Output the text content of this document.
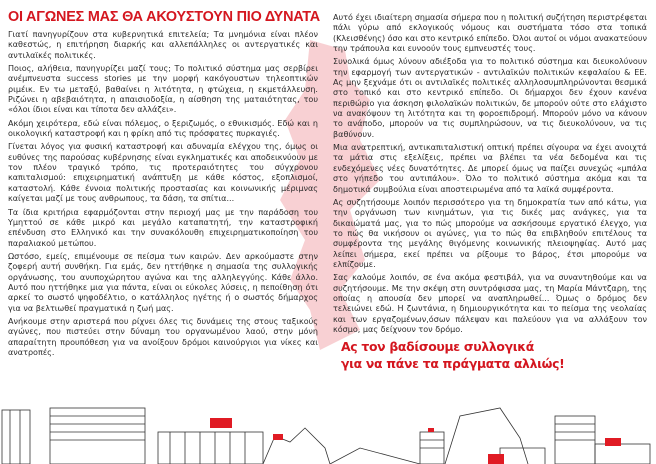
ΟΙ ΑΓΩΝΕΣ ΜΑΣ ΘΑ ΑΚΟΥΣΤΟΥΝ ΠΙΟ ΔΥΝΑΤΑ

Γιατί πανηγυρίζουν στα κυβερνητικά επιτελεία; Τα μνημόνια είναι πλέον καθεστώς, η επιτήρηση διαρκής και αλλεπάλληλες οι αντεργατικές και αντιλαϊκές πολιτικές.

Ποιος, αλήθεια, πανηγυρίζει μαζί τους; Το πολιτικό σύστημα μας σερβίρει ανέμπνευστα success stories με την μορφή κακόγουστων τηλεοπτικών ριμέικ. Εν τω μεταξύ, βαθαίνει η λιτότητα, η φτώχεια, η εκμετάλλευση. Ριζώνει η αβεβαιότητα, η απαισιοδοξία, η αίσθηση της ματαιότητας, του «όλοι ίδιοι είναι και τίποτα δεν αλλάζει».

Ακόμη χειρότερα, εδώ είναι πόλεμος, ο ξεριζωμός, ο εθνικισμός. Εδώ και η οικολογική καταστροφή και η φρίκη από τις πρόσφατες πυρκαγιές.

Γίνεται λόγος για φυσική καταστροφή και αδυναμία ελέγχου της, όμως οι ευθύνες της παρούσας κυβέρνησης είναι εγκληματικές και αποδεικνύουν με τον πλέον τραγικό τρόπο, τις προτεραιότητες του σύγχρονου καπιταλισμού: επιχειρηματική ανάπτυξη με κάθε κόστος, εξοπλισμοί, καταστολή. Κάθε έννοια πολιτικής προστασίας και κοινωνικής μέριμνας καίγεται μαζί με τους ανθρωπους, τα δάση, τα σπίτια...

Τα ίδια κριτήρια εφαρμόζονται στην περιοχή μας με την παράδοση του Υμηττού σε κάθε μικρό και μεγάλο καταπατητή, την καταστροφική επένδυση στο Ελληνικό και την συνακόλουθη επιχειρηματικοποίηση του παραλιακού μετώπου.

Ωστόσο, εμείς, επιμένουμε σε πείσμα των καιρών. Δεν αρκούμαστε στην ζοφερή αυτή συνθήκη. Για εμάς, δεν ηττήθηκε η σημασία της συλλογικής οργάνωσης, του ανυποχώρητου αγώνα και της αλληλεγγύης. Κάθε άλλο. Αυτό που ηττήθηκε μια για πάντα, είναι οι εύκολες λύσεις, η πεποίθηση ότι αρκεί το σωστό ψηφοδέλτιο, ο κατάλληλος ηγέτης ή ο σωστός δήμαρχος για να βελτιωθεί πραγματικά η ζωή μας.

Ανήκουμε στην αριστερά που ρίχνει όλες τις δυνάμεις της στους ταξικούς αγώνες, που πιστεύει στην δύναμη του οργανωμένου λαού, στην μόνη απαραίτητη προυπόθεση για να ανοίξουν δρόμοι καινούργιοι για νίκες και ανατροπές.

Αυτό έχει ιδιαίτερη σημασία σήμερα που η πολιτική συζήτηση περιστρέφεται πάλι γύρω από εκλογικούς νόμους και συστήματα τόσο στα τοπικά (Κλεισθένης) όσο και στο κεντρικό επίπεδο. Όλοι αυτοί οι νόμοι ανακατεύουν την τράπουλα και ευνοούν τους εμπνευστές τους.

Συνολικά όμως λύνουν αδιέξοδα για το πολιτικό σύστημα και διευκολύνουν την εφαρμογή των αντεργατικών - αντιλαϊκών πολιτικών κεφαλαίου & ΕΕ. Ας μην ξεχνάμε ότι οι αντιλαϊκές πολιτικές αλληλοσυμπληρώνονται θεσμικά στο τοπικό και στο κεντρικό επίπεδο. Οι δήμαρχοι δεν έχουν κανένα περιθώριο για άσκηση φιλολαϊκών πολιτικών, δε μπορούν ούτε στο ελάχιστο να ανακόψουν τη λιτότητα και τη φοροεπιδρομή. Μπορούν μόνο να κάνουν το ανάποδο, μπορούν να τις συμπληρώσουν, να τις διευκολύνουν, να τις βαθύνουν.

Μια ανατρεπτική, αντικαπιταλιστική οπτική πρέπει σίγουρα να έχει ανοιχτά τα μάτια στις εξελίξεις, πρέπει να βλέπει τα νέα δεδομένα και τις ενδεχόμενες νέες δυνατότητες. Δε μπορεί όμως να παίζει συνεχώς «μπάλα στο γήπεδο του αντιπάλου». Όλο το πολιτικό σύστημα ακόμα και τα δημοτικά συμβούλια είναι αποστειρωμένα από τα λαϊκά συμφέροντα.

Ας συζητήσουμε λοιπόν περισσότερο για τη δημοκρατία των από κάτω, για την οργάνωση των κινημάτων, για τις δικές μας ανάγκες, για τα δικαιώματά μας, για το πώς μπορούμε να ασκήσουμε εργατικό έλεγχο, για το πώς θα νικήσουν οι αγώνες, για το πώς θα επιβληθούν επιτέλους τα συμφέροντα της μεγάλης θιγόμενης κοινωνικής πλειοψηφίας. Αυτό μας λείπει σήμερα, εκεί πρέπει να ρίξουμε το βάρος, έτσι μπορούμε να ελπίζουμε.

Σας καλούμε λοιπόν, σε ένα ακόμα φεστιβάλ, για να συναντηθούμε και να συζητήσουμε. Με την σκέψη στη συντρόφισσα μας, τη Μαρία Μάντζαρη, της οποίας η απουσία δεν μπορεί να αναπληρωθεί... Όμως ο δρόμος δεν τελειώνει εδώ. Η ζωντάνια, η δημιουργικότητα και το πείσμα της νεολαίας και των εργαζομένων,όσων πάλεψαν και παλεύουν για να αλλάξουν τον κόσμο, μας δείχνουν τον δρόμο.

Ας τον βαδίσουμε συλλογικά
για να πάνε τα πράγματα αλλιώς!
